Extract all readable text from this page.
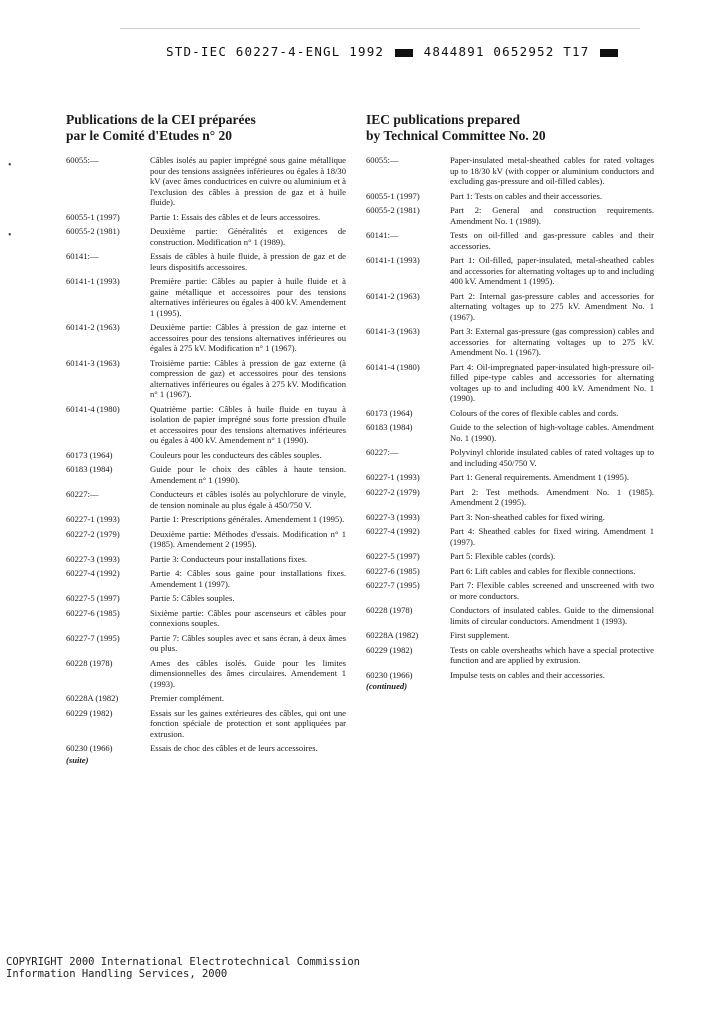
•
•
STD-IEC 60227-4-ENGL 1992	4844891 0652952 T17
Publications de la CEI préparées
par le Comité d'Etudes n° 20
60055:—	Câbles isolés au papier imprégné sous gaine métallique pour des tensions assignées inférieures ou égales à 18/30 kV (avec âmes conductrices en cuivre ou aluminium et à l'exclusion des câbles à pression de gaz et à huile fluide).
60055-1 (1997)	Partie 1: Essais des câbles et de leurs accessoires.
60055-2 (1981)	Deuxième partie: Généralités et exigences de construction. Modification n° 1 (1989).
60141:—	Essais de câbles à huile fluide, à pression de gaz et de leurs dispositifs accessoires.
60141-1 (1993)	Première partie: Câbles au papier à huile fluide et à gaine métallique et accessoires pour des tensions alternatives inférieures ou égales à 400 kV. Amendement 1 (1995).
60141-2 (1963)	Deuxième partie: Câbles à pression de gaz interne et accessoires pour des tensions alternatives inférieures ou égales à 275 kV. Modification n° 1 (1967).
60141-3 (1963)	Troisième partie: Câbles à pression de gaz externe (à compression de gaz) et accessoires pour des tensions alternatives inférieures ou égales à 275 kV. Modification n° 1 (1967).
60141-4 (1980)	Quatrième partie: Câbles à huile fluide en tuyau à isolation de papier imprégné sous forte pression d'huile et accessoires pour des tensions alternatives inférieures ou égales à 400 kV. Amendement n° 1 (1990).
60173 (1964)	Couleurs pour les conducteurs des câbles souples.
60183 (1984)	Guide pour le choix des câbles à haute tension. Amendement n° 1 (1990).
60227:—	Conducteurs et câbles isolés au polychlorure de vinyle, de tension nominale au plus égale à 450/750 V.
60227-1 (1993)	Partie 1: Prescriptions générales. Amendement 1 (1995).
60227-2 (1979)	Deuxième partie: Méthodes d'essais. Modification n° 1 (1985). Amendement 2 (1995).
60227-3 (1993)	Partie 3: Conducteurs pour installations fixes.
60227-4 (1992)	Partie 4: Câbles sous gaine pour installations fixes. Amendement 1 (1997).
60227-5 (1997)	Partie 5: Câbles souples.
60227-6 (1985)	Sixième partie: Câbles pour ascenseurs et câbles pour connexions souples.
60227-7 (1995)	Partie 7: Câbles souples avec et sans écran, à deux âmes ou plus.
60228 (1978)	Ames des câbles isolés. Guide pour les limites dimensionnelles des âmes circulaires. Amendement 1 (1993).
60228A (1982)	Premier complément.
60229 (1982)	Essais sur les gaines extérieures des câbles, qui ont une fonction spéciale de protection et sont appliquées par extrusion.
60230 (1966)	Essais de choc des câbles et de leurs accessoires.
(suite)
IEC publications prepared
by Technical Committee No. 20
60055:—	Paper-insulated metal-sheathed cables for rated voltages up to 18/30 kV (with copper or aluminium conductors and excluding gas-pressure and oil-filled cables).
60055-1 (1997)	Part 1: Tests on cables and their accessories.
60055-2 (1981)	Part 2: General and construction requirements. Amendment No. 1 (1989).
60141:—	Tests on oil-filled and gas-pressure cables and their accessories.
60141-1 (1993)	Part 1: Oil-filled, paper-insulated, metal-sheathed cables and accessories for alternating voltages up to and including 400 kV. Amendment 1 (1995).
60141-2 (1963)	Part 2: Internal gas-pressure cables and accessories for alternating voltages up to 275 kV. Amendment No. 1 (1967).
60141-3 (1963)	Part 3: External gas-pressure (gas compression) cables and accessories for alternating voltages up to 275 kV. Amendment No. 1 (1967).
60141-4 (1980)	Part 4: Oil-impregnated paper-insulated high-pressure oil-filled pipe-type cables and accessories for alternating voltages up to and including 400 kV. Amendment No. 1 (1990).
60173 (1964)	Colours of the cores of flexible cables and cords.
60183 (1984)	Guide to the selection of high-voltage cables. Amendment No. 1 (1990).
60227:—	Polyvinyl chloride insulated cables of rated voltages up to and including 450/750 V.
60227-1 (1993)	Part 1: General requirements. Amendment 1 (1995).
60227-2 (1979)	Part 2: Test methods. Amendment No. 1 (1985). Amendment 2 (1995).
60227-3 (1993)	Part 3: Non-sheathed cables for fixed wiring.
60227-4 (1992)	Part 4: Sheathed cables for fixed wiring. Amendment 1 (1997).
60227-5 (1997)	Part 5: Flexible cables (cords).
60227-6 (1985)	Part 6: Lift cables and cables for flexible connections.
60227-7 (1995)	Part 7: Flexible cables screened and unscreened with two or more conductors.
60228 (1978)	Conductors of insulated cables. Guide to the dimensional limits of circular conductors. Amendment 1 (1993).
60228A (1982)	First supplement.
60229 (1982)	Tests on cable oversheaths which have a special protective function and are applied by extrusion.
60230 (1966)	Impulse tests on cables and their accessories.
(continued)
COPYRIGHT 2000 International Electrotechnical Commission
Information Handling Services, 2000
